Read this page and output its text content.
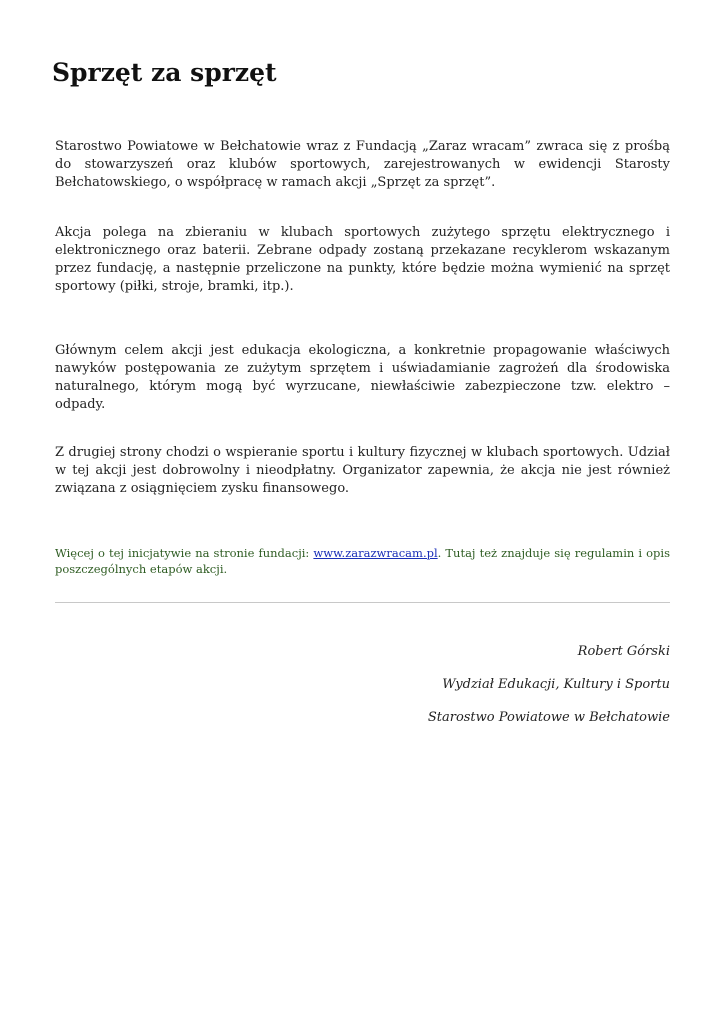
Sprzęt za sprzęt

Starostwo Powiatowe w Bełchatowie wraz z Fundacją „Zaraz wracam” zwraca się z prośbą do stowarzyszeń oraz klubów sportowych, zarejestrowanych w ewidencji Starosty Bełchatowskiego, o współpracę w ramach akcji „Sprzęt za sprzęt”.

Akcja polega na zbieraniu w klubach sportowych zużytego sprzętu elektrycznego i elektronicznego oraz baterii. Zebrane odpady zostaną przekazane recyklerom wskazanym przez fundację, a następnie przeliczone na punkty, które będzie można wymienić na sprzęt sportowy (piłki, stroje, bramki, itp.).

Głównym celem akcji jest edukacja ekologiczna, a konkretnie propagowanie właściwych nawyków postępowania ze zużytym sprzętem i uświadamianie zagrożeń dla środowiska naturalnego, którym mogą być wyrzucane, niewłaściwie zabezpieczone tzw. elektro – odpady.

Z drugiej strony chodzi o wspieranie sportu i kultury fizycznej w klubach sportowych. Udział w tej akcji jest dobrowolny i nieodpłatny. Organizator zapewnia, że akcja nie jest również związana z osiągnięciem zysku finansowego.

Więcej o tej inicjatywie na stronie fundacji: www.zarazwracam.pl. Tutaj też znajduje się regulamin i opis poszczególnych etapów akcji.

Robert Górski

Wydział Edukacji, Kultury i Sportu

Starostwo Powiatowe w Bełchatowie
